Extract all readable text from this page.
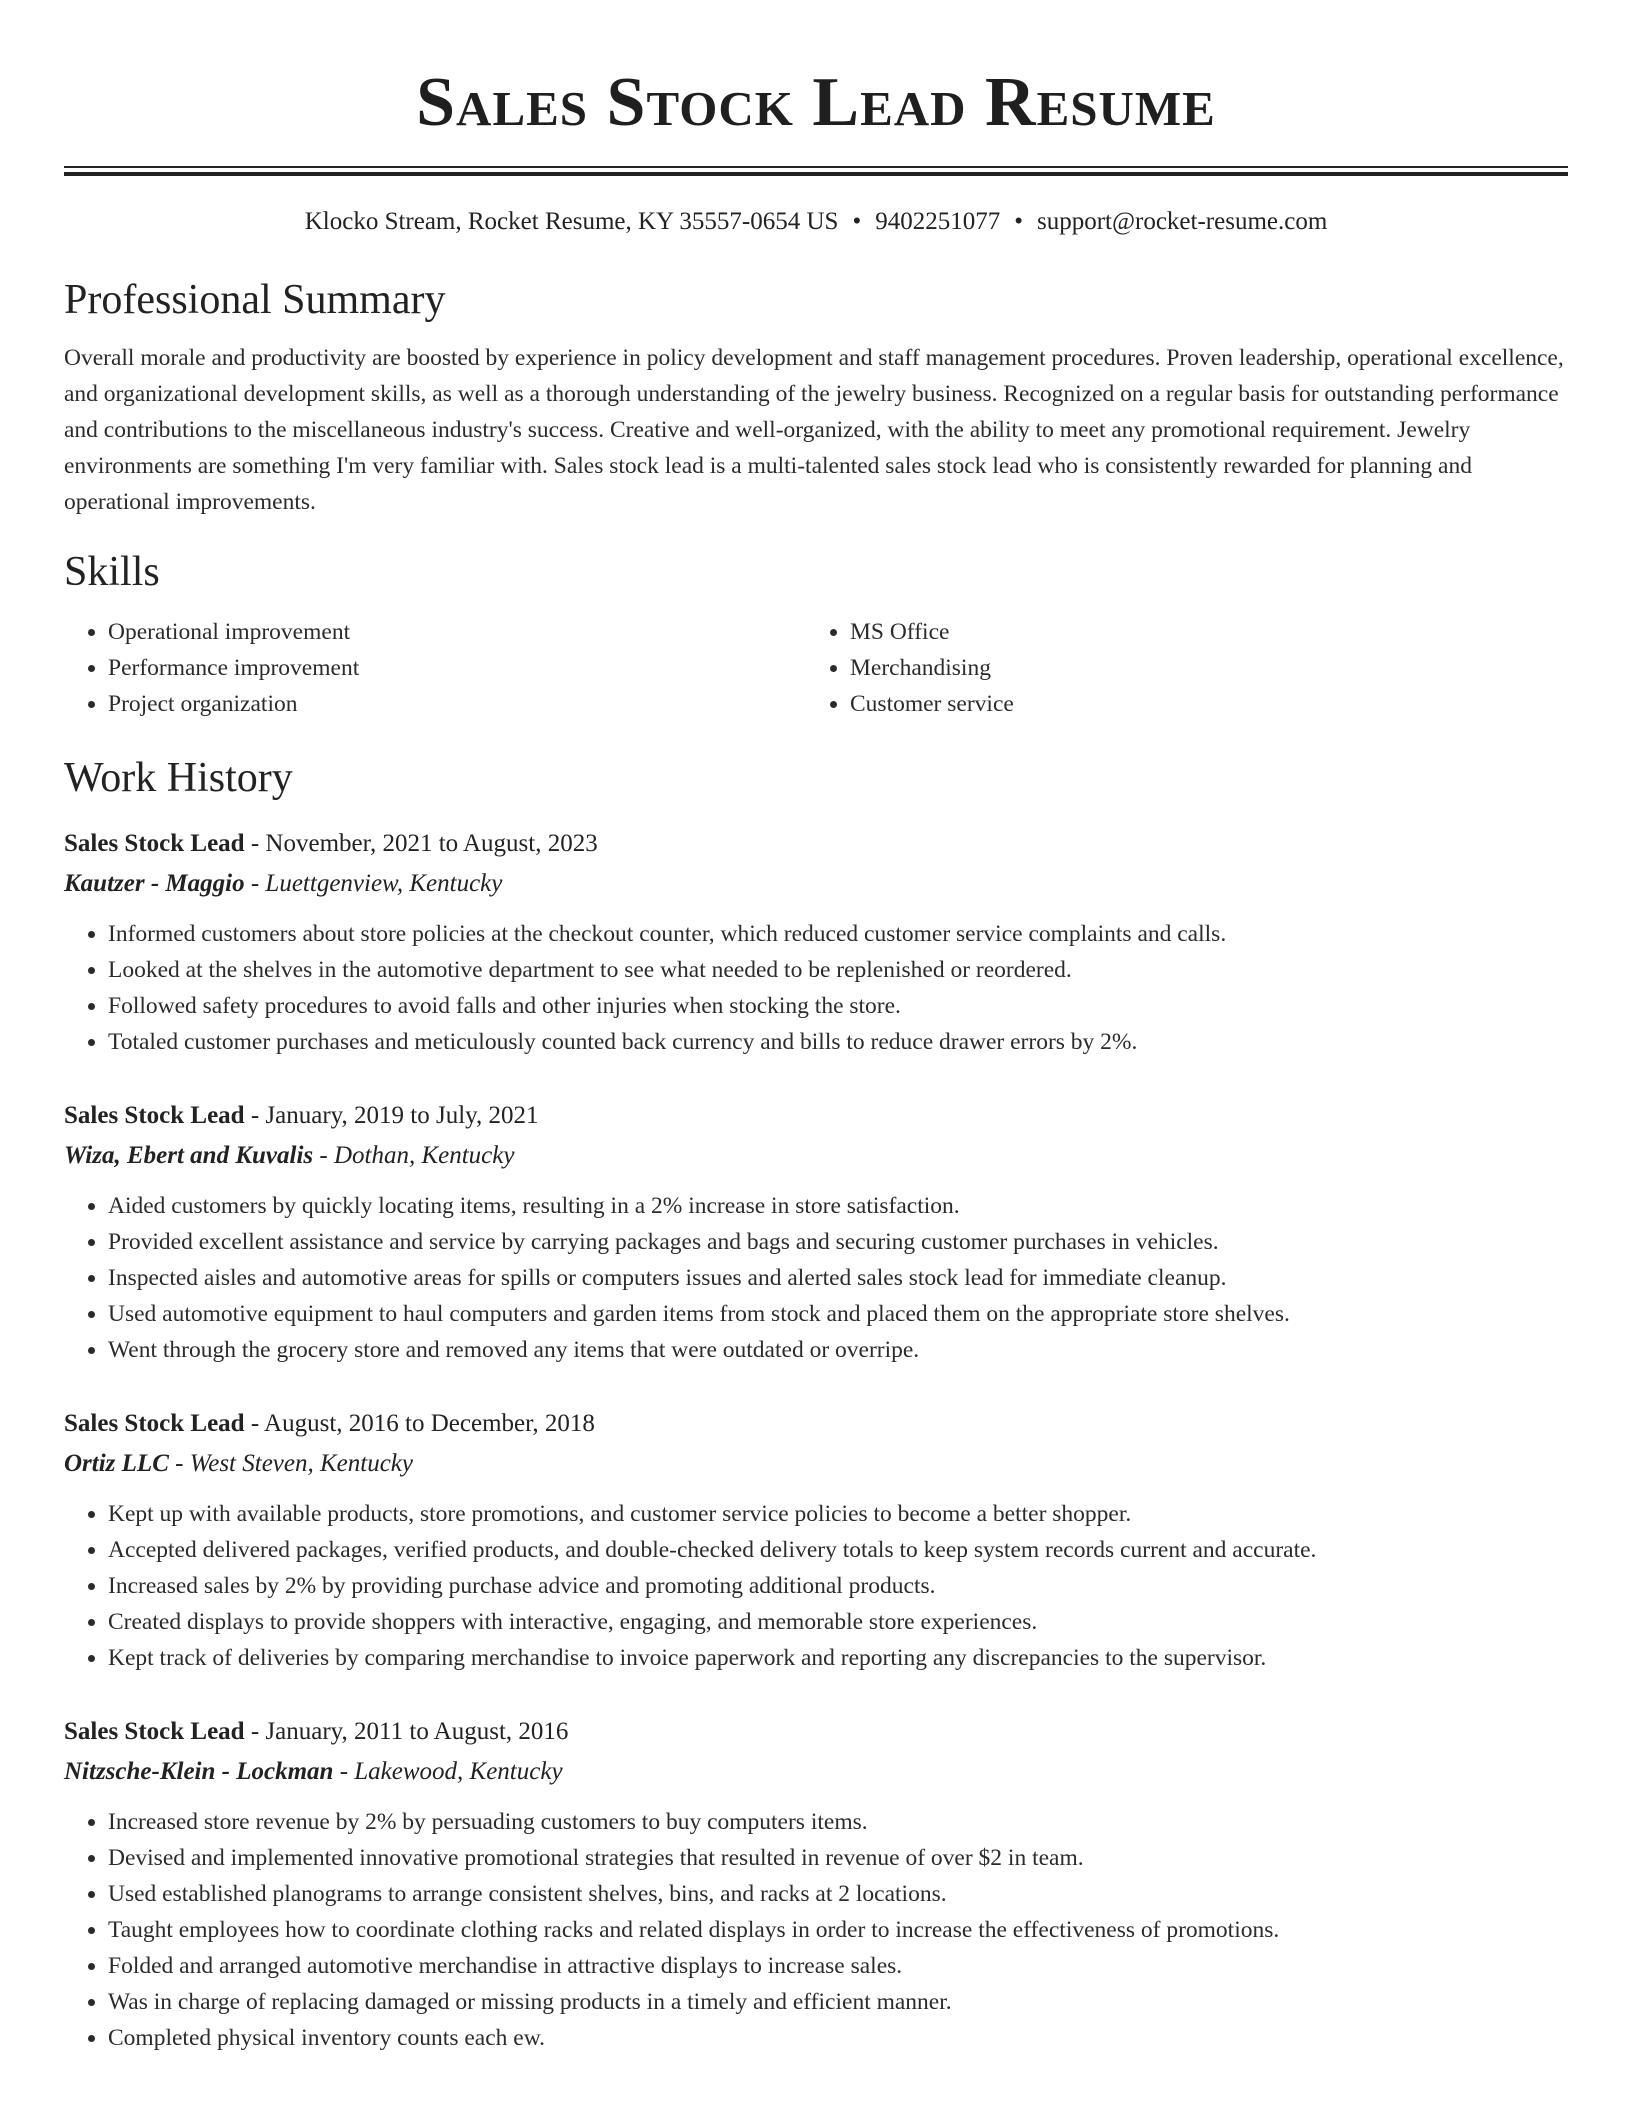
Sales Stock Lead Resume
Klocko Stream, Rocket Resume, KY 35557-0654 US • 9402251077 • support@rocket-resume.com
Professional Summary

Overall morale and productivity are boosted by experience in policy development and staff management procedures. Proven leadership, operational excellence, and organizational development skills, as well as a thorough understanding of the jewelry business. Recognized on a regular basis for outstanding performance and contributions to the miscellaneous industry's success. Creative and well-organized, with the ability to meet any promotional requirement. Jewelry environments are something I'm very familiar with. Sales stock lead is a multi-talented sales stock lead who is consistently rewarded for planning and operational improvements.

Skills
• Operational improvement
• Performance improvement
• Project organization
• MS Office
• Merchandising
• Customer service
Work History
Sales Stock Lead - November, 2021 to August, 2023
Kautzer - Maggio - Luettgenview, Kentucky
• Informed customers about store policies at the checkout counter, which reduced customer service complaints and calls.
• Looked at the shelves in the automotive department to see what needed to be replenished or reordered.
• Followed safety procedures to avoid falls and other injuries when stocking the store.
• Totaled customer purchases and meticulously counted back currency and bills to reduce drawer errors by 2%.
Sales Stock Lead - January, 2019 to July, 2021
Wiza, Ebert and Kuvalis - Dothan, Kentucky
• Aided customers by quickly locating items, resulting in a 2% increase in store satisfaction.
• Provided excellent assistance and service by carrying packages and bags and securing customer purchases in vehicles.
• Inspected aisles and automotive areas for spills or computers issues and alerted sales stock lead for immediate cleanup.
• Used automotive equipment to haul computers and garden items from stock and placed them on the appropriate store shelves.
• Went through the grocery store and removed any items that were outdated or overripe.
Sales Stock Lead - August, 2016 to December, 2018
Ortiz LLC - West Steven, Kentucky
• Kept up with available products, store promotions, and customer service policies to become a better shopper.
• Accepted delivered packages, verified products, and double-checked delivery totals to keep system records current and accurate.
• Increased sales by 2% by providing purchase advice and promoting additional products.
• Created displays to provide shoppers with interactive, engaging, and memorable store experiences.
• Kept track of deliveries by comparing merchandise to invoice paperwork and reporting any discrepancies to the supervisor.
Sales Stock Lead - January, 2011 to August, 2016
Nitzsche-Klein - Lockman - Lakewood, Kentucky
• Increased store revenue by 2% by persuading customers to buy computers items.
• Devised and implemented innovative promotional strategies that resulted in revenue of over $2 in team.
• Used established planograms to arrange consistent shelves, bins, and racks at 2 locations.
• Taught employees how to coordinate clothing racks and related displays in order to increase the effectiveness of promotions.
• Folded and arranged automotive merchandise in attractive displays to increase sales.
• Was in charge of replacing damaged or missing products in a timely and efficient manner.
• Completed physical inventory counts each ew.
